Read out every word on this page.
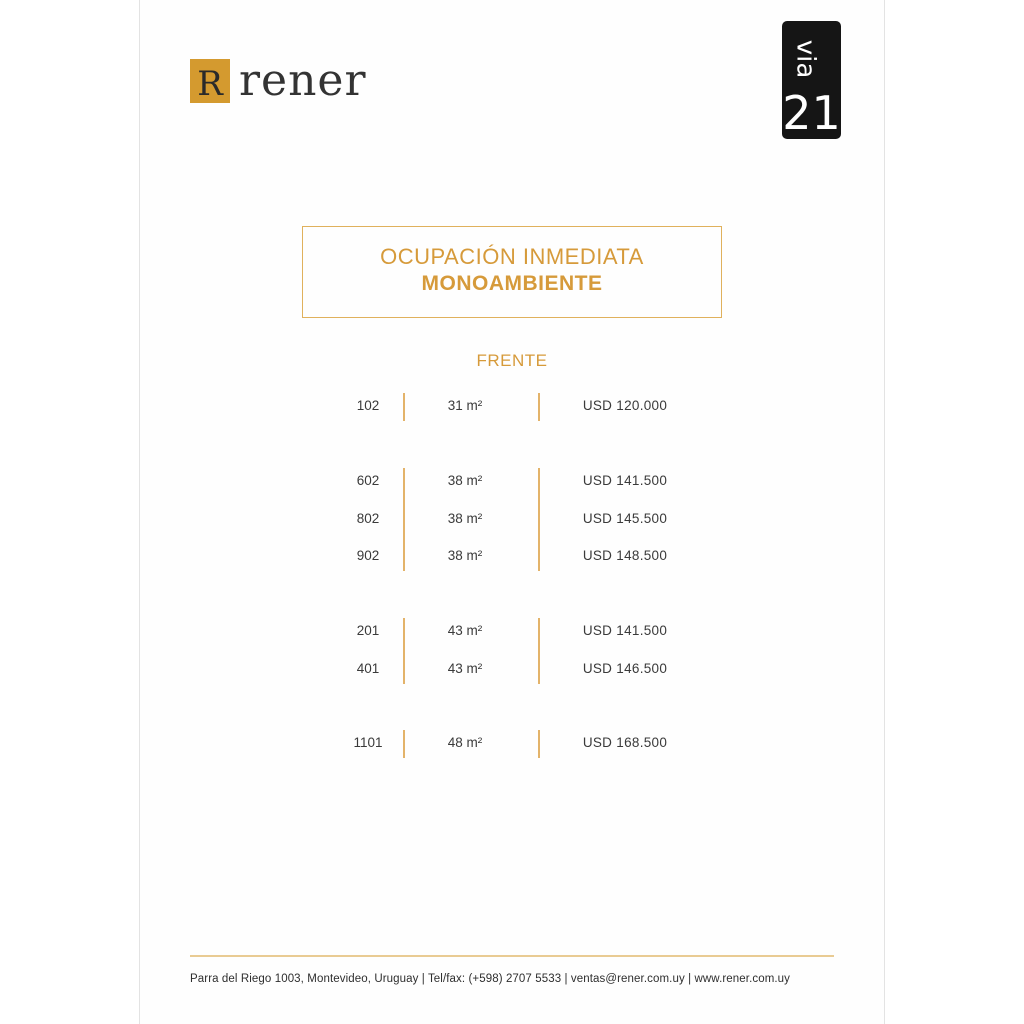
R rener	via
21
OCUPACIÓN INMEDIATA
MONOAMBIENTE
FRENTE
102	31 m²	USD 120.000
602	38 m²	USD 141.500
802	38 m²	USD 145.500
902	38 m²	USD 148.500
201	43 m²	USD 141.500
401	43 m²	USD 146.500
1101	48 m²	USD 168.500
Parra del Riego 1003, Montevideo, Uruguay | Tel/fax: (+598) 2707 5533 | ventas@rener.com.uy | www.rener.com.uy
